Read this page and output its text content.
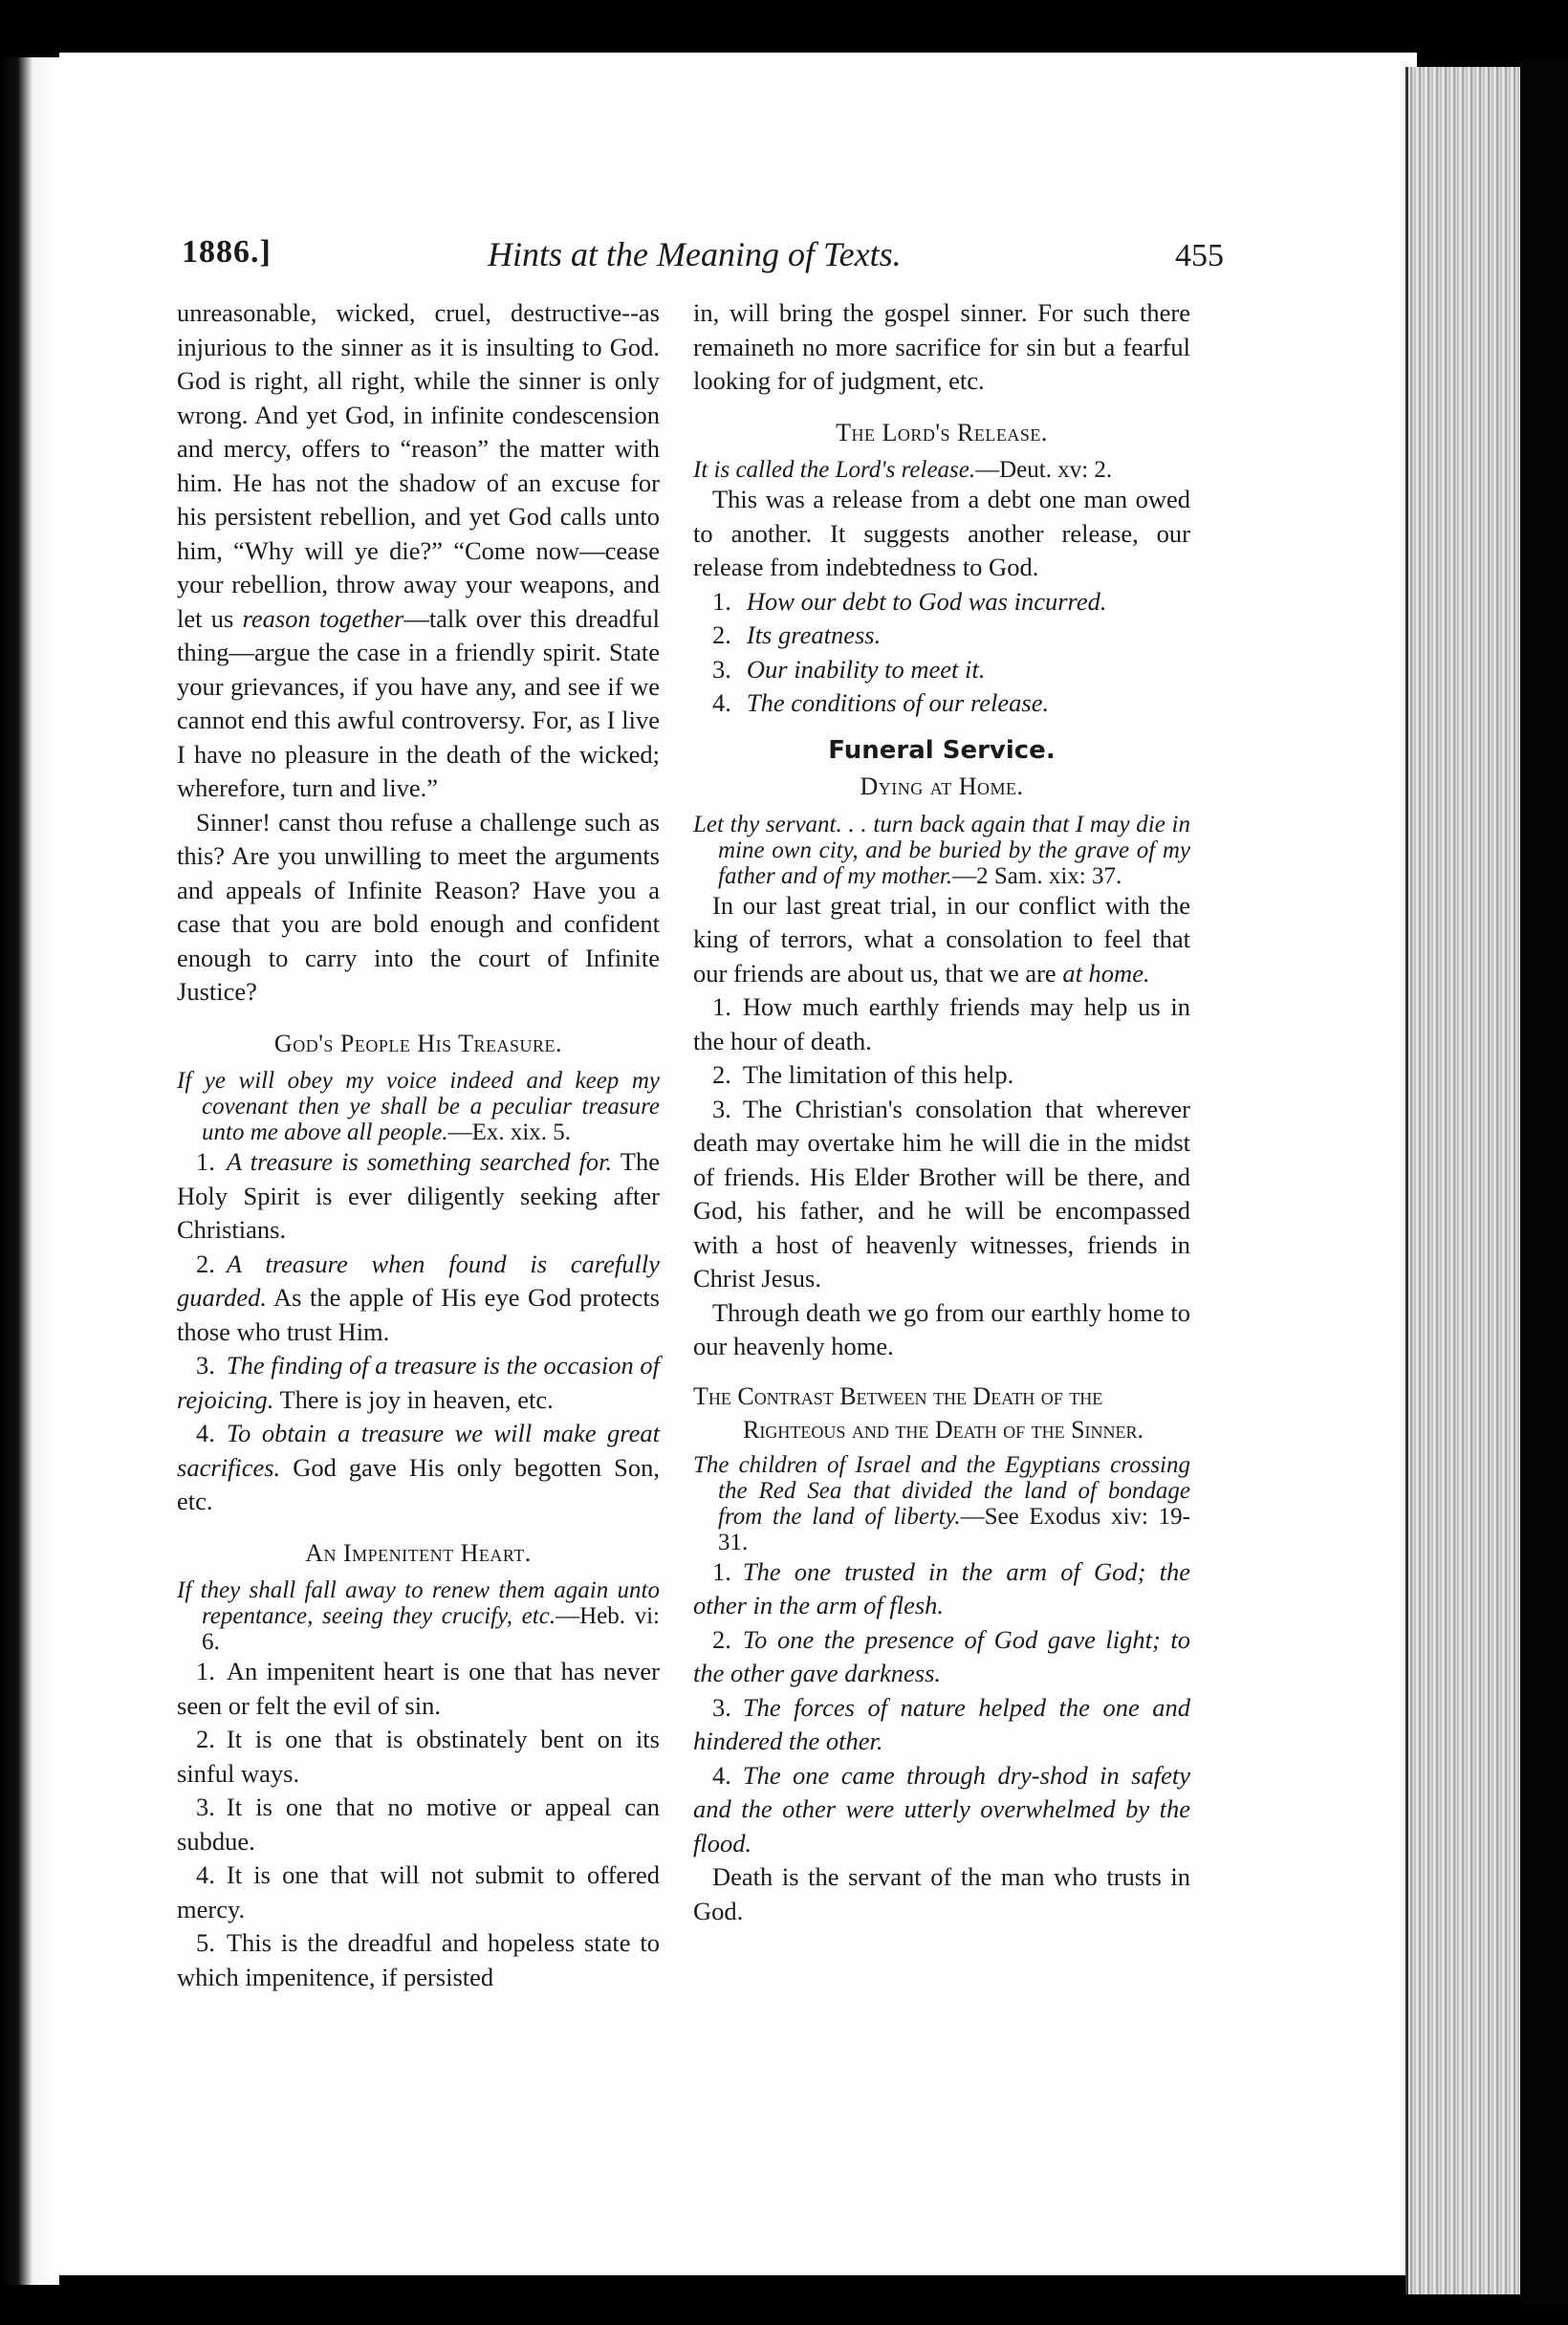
1886.]	Hints at the Meaning of Texts.	455

unreasonable, wicked, cruel, destructive--as injurious to the sinner as it is insulting to God. God is right, all right, while the sinner is only wrong. And yet God, in infinite condescension and mercy, offers to “reason” the matter with him. He has not the shadow of an excuse for his persistent rebellion, and yet God calls unto him, “Why will ye die?” “Come now—cease your rebellion, throw away your weapons, and let us reason together—talk over this dreadful thing—argue the case in a friendly spirit. State your grievances, if you have any, and see if we cannot end this awful controversy. For, as I live I have no pleasure in the death of the wicked; wherefore, turn and live.”

Sinner! canst thou refuse a challenge such as this? Are you unwilling to meet the arguments and appeals of Infinite Reason? Have you a case that you are bold enough and confident enough to carry into the court of Infinite Justice?

God's People His Treasure.

If ye will obey my voice indeed and keep my covenant then ye shall be a peculiar treasure unto me above all people.—Ex. xix. 5.

1. A treasure is something searched for. The Holy Spirit is ever diligently seeking after Christians.

2. A treasure when found is carefully guarded. As the apple of His eye God protects those who trust Him.

3. The finding of a treasure is the occasion of rejoicing. There is joy in heaven, etc.

4. To obtain a treasure we will make great sacrifices. God gave His only begotten Son, etc.

An Impenitent Heart.

If they shall fall away to renew them again unto repentance, seeing they crucify, etc.—Heb. vi: 6.

1. An impenitent heart is one that has never seen or felt the evil of sin.

2. It is one that is obstinately bent on its sinful ways.

3. It is one that no motive or appeal can subdue.

4. It is one that will not submit to offered mercy.

5. This is the dreadful and hopeless state to which impenitence, if persisted

in, will bring the gospel sinner. For such there remaineth no more sacrifice for sin but a fearful looking for of judgment, etc.

The Lord's Release.

It is called the Lord's release.—Deut. xv: 2.

This was a release from a debt one man owed to another. It suggests another release, our release from indebtedness to God.

1. How our debt to God was incurred.

2. Its greatness.

3. Our inability to meet it.

4. The conditions of our release.

Funeral Service.
Dying at Home.

Let thy servant. . . turn back again that I may die in mine own city, and be buried by the grave of my father and of my mother.—2 Sam. xix: 37.

In our last great trial, in our conflict with the king of terrors, what a consolation to feel that our friends are about us, that we are at home.

1. How much earthly friends may help us in the hour of death.

2. The limitation of this help.

3. The Christian's consolation that wherever death may overtake him he will die in the midst of friends. His Elder Brother will be there, and God, his father, and he will be encompassed with a host of heavenly witnesses, friends in Christ Jesus.

Through death we go from our earthly home to our heavenly home.

The Contrast Between the Death of the Righteous and the Death of the Sinner.

The children of Israel and the Egyptians crossing the Red Sea that divided the land of bondage from the land of liberty.—See Exodus xiv: 19-31.

1. The one trusted in the arm of God; the other in the arm of flesh.

2. To one the presence of God gave light; to the other gave darkness.

3. The forces of nature helped the one and hindered the other.

4. The one came through dry-shod in safety and the other were utterly overwhelmed by the flood.

Death is the servant of the man who trusts in God.
